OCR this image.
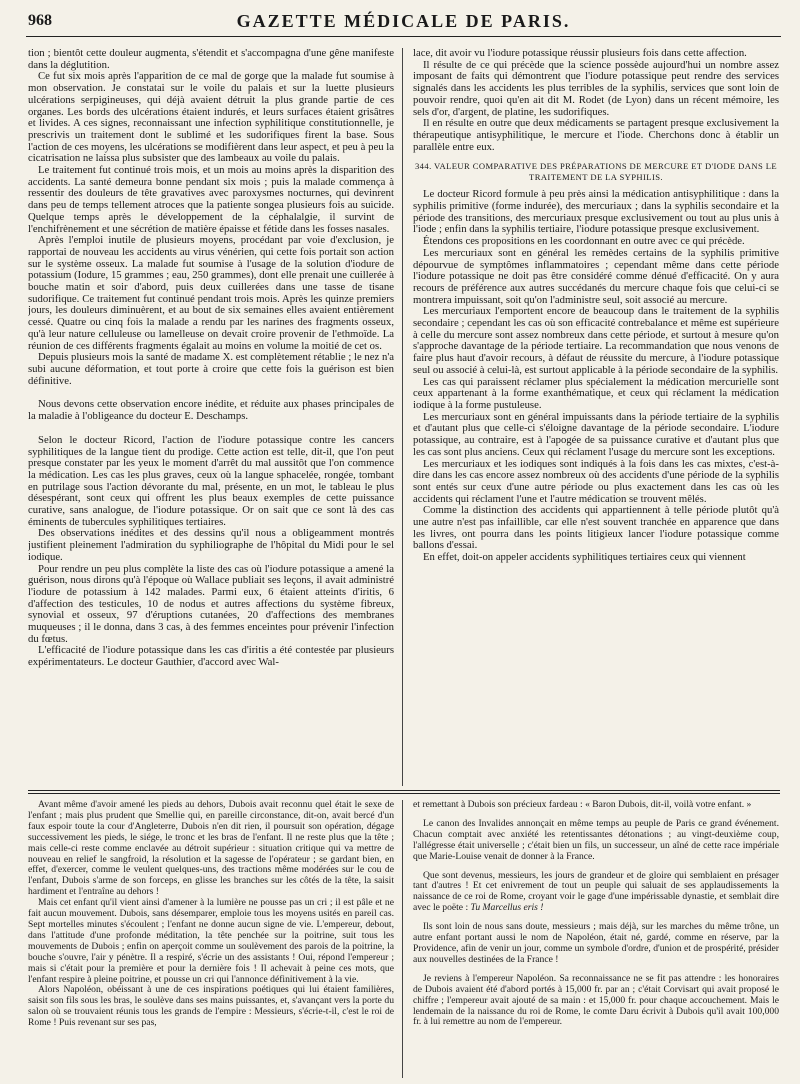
968	GAZETTE MÉDICALE DE PARIS.

tion ; bientôt cette douleur augmenta, s'étendit et s'accompagna d'une gêne manifeste dans la déglutition.

Ce fut six mois après l'apparition de ce mal de gorge que la malade fut soumise à mon observation. Je constatai sur le voile du palais et sur la luette plusieurs ulcérations serpigineuses, qui déjà avaient détruit la plus grande partie de ces organes. Les bords des ulcérations étaient indurés, et leurs surfaces étaient grisâtres et livides. A ces signes, reconnaissant une infection syphilitique constitutionnelle, je prescrivis un traitement dont le sublimé et les sudorifiques firent la base. Sous l'action de ces moyens, les ulcérations se modifièrent dans leur aspect, et peu à peu la cicatrisation ne laissa plus subsister que des lambeaux au voile du palais.

Le traitement fut continué trois mois, et un mois au moins après la disparition des accidents. La santé demeura bonne pendant six mois ; puis la malade commença à ressentir des douleurs de tête gravatives avec paroxysmes nocturnes, qui devinrent dans peu de temps tellement atroces que la patiente songea plusieurs fois au suicide. Quelque temps après le développement de la céphalalgie, il survint de l'enchifrènement et une sécrétion de matière épaisse et fétide dans les fosses nasales.

Après l'emploi inutile de plusieurs moyens, procédant par voie d'exclusion, je rapportai de nouveau les accidents au virus vénérien, qui cette fois portait son action sur le système osseux. La malade fut soumise à l'usage de la solution d'iodure de potassium (Iodure, 15 grammes ; eau, 250 grammes), dont elle prenait une cuillerée à bouche matin et soir d'abord, puis deux cuillerées dans une tasse de tisane sudorifique. Ce traitement fut continué pendant trois mois. Après les quinze premiers jours, les douleurs diminuèrent, et au bout de six semaines elles avaient entièrement cessé. Quatre ou cinq fois la malade a rendu par les narines des fragments osseux, qu'à leur nature celluleuse ou lamelleuse on devait croire provenir de l'ethmoïde. La réunion de ces différents fragments égalait au moins en volume la moitié de cet os.

Depuis plusieurs mois la santé de madame X. est complètement rétablie ; le nez n'a subi aucune déformation, et tout porte à croire que cette fois la guérison est bien définitive.

Nous devons cette observation encore inédite, et réduite aux phases principales de la maladie à l'obligeance du docteur E. Deschamps.

Selon le docteur Ricord, l'action de l'iodure potassique contre les cancers syphilitiques de la langue tient du prodige. Cette action est telle, dit-il, que l'on peut presque constater par les yeux le moment d'arrêt du mal aussitôt que l'on commence la médication. Les cas les plus graves, ceux où la langue sphacelée, rongée, tombant en putrilage sous l'action dévorante du mal, présente, en un mot, le tableau le plus désespérant, sont ceux qui offrent les plus beaux exemples de cette puissance curative, sans analogue, de l'iodure potassique. Or on sait que ce sont là des cas éminents de tubercules syphilitiques tertiaires.

Des observations inédites et des dessins qu'il nous a obligeamment montrés justifient pleinement l'admiration du syphiliographe de l'hôpital du Midi pour le sel iodique.

Pour rendre un peu plus complète la liste des cas où l'iodure potassique a amené la guérison, nous dirons qu'à l'époque où Wallace publiait ses leçons, il avait administré l'iodure de potassium à 142 malades. Parmi eux, 6 étaient atteints d'iritis, 6 d'affection des testicules, 10 de nodus et autres affections du système fibreux, synovial et osseux, 97 d'éruptions cutanées, 20 d'affections des membranes muqueuses ; il le donna, dans 3 cas, à des femmes enceintes pour prévenir l'infection du fœtus.

L'efficacité de l'iodure potassique dans les cas d'iritis a été contestée par plusieurs expérimentateurs. Le docteur Gauthier, d'accord avec Wal-

lace, dit avoir vu l'iodure potassique réussir plusieurs fois dans cette affection.

Il résulte de ce qui précède que la science possède aujourd'hui un nombre assez imposant de faits qui démontrent que l'iodure potassique peut rendre des services signalés dans les accidents les plus terribles de la syphilis, services que sont loin de pouvoir rendre, quoi qu'en ait dit M. Rodet (de Lyon) dans un récent mémoire, les sels d'or, d'argent, de platine, les sudorifiques.

Il en résulte en outre que deux médicaments se partagent presque exclusivement la thérapeutique antisyphilitique, le mercure et l'iode. Cherchons donc à établir un parallèle entre eux.

344. VALEUR COMPARATIVE DES PRÉPARATIONS DE MERCURE ET D'IODE DANS LE TRAITEMENT DE LA SYPHILIS.

Le docteur Ricord formule à peu près ainsi la médication antisyphilitique : dans la syphilis primitive (forme indurée), des mercuriaux ; dans la syphilis secondaire et la période des transitions, des mercuriaux presque exclusivement ou tout au plus unis à l'iode ; enfin dans la syphilis tertiaire, l'iodure potassique presque exclusivement.

Étendons ces propositions en les coordonnant en outre avec ce qui précède.

Les mercuriaux sont en général les remèdes certains de la syphilis primitive dépourvue de symptômes inflammatoires ; cependant même dans cette période l'iodure potassique ne doit pas être considéré comme dénué d'efficacité. On y aura recours de préférence aux autres succédanés du mercure chaque fois que celui-ci se montrera impuissant, soit qu'on l'administre seul, soit associé au mercure.

Les mercuriaux l'emportent encore de beaucoup dans le traitement de la syphilis secondaire ; cependant les cas où son efficacité contrebalance et même est supérieure à celle du mercure sont assez nombreux dans cette période, et surtout à mesure qu'on s'approche davantage de la période tertiaire. La recommandation que nous venons de faire plus haut d'avoir recours, à défaut de réussite du mercure, à l'iodure potassique seul ou associé à celui-là, est surtout applicable à la période secondaire de la syphilis.

Les cas qui paraissent réclamer plus spécialement la médication mercurielle sont ceux appartenant à la forme exanthématique, et ceux qui réclament la médication iodique à la forme pustuleuse.

Les mercuriaux sont en général impuissants dans la période tertiaire de la syphilis et d'autant plus que celle-ci s'éloigne davantage de la période secondaire. L'iodure potassique, au contraire, est à l'apogée de sa puissance curative et d'autant plus que les cas sont plus anciens. Ceux qui réclament l'usage du mercure sont les exceptions.

Les mercuriaux et les iodiques sont indiqués à la fois dans les cas mixtes, c'est-à-dire dans les cas encore assez nombreux où des accidents d'une période de la syphilis sont entés sur ceux d'une autre période ou plus exactement dans les cas où les accidents qui réclament l'une et l'autre médication se trouvent mêlés.

Comme la distinction des accidents qui appartiennent à telle période plutôt qu'à une autre n'est pas infaillible, car elle n'est souvent tranchée en apparence que dans les livres, ont pourra dans les points litigieux lancer l'iodure potassique comme ballons d'essai.

En effet, doit-on appeler accidents syphilitiques tertiaires ceux qui viennent

Avant même d'avoir amené les pieds au dehors, Dubois avait reconnu quel était le sexe de l'enfant ; mais plus prudent que Smellie qui, en pareille circonstance, dit-on, avait bercé d'un faux espoir toute la cour d'Angleterre, Dubois n'en dit rien, il poursuit son opération, dégage successivement les pieds, le siége, le tronc et les bras de l'enfant. Il ne reste plus que la tête ; mais celle-ci reste comme enclavée au détroit supérieur : situation critique qui va mettre de nouveau en relief le sangfroid, la résolution et la sagesse de l'opérateur ; se gardant bien, en effet, d'exercer, comme le veulent quelques-uns, des tractions même modérées sur le cou de l'enfant, Dubois s'arme de son forceps, en glisse les branches sur les côtés de la tête, la saisit hardiment et l'entraîne au dehors !

Mais cet enfant qu'il vient ainsi d'amener à la lumière ne pousse pas un cri ; il est pâle et ne fait aucun mouvement. Dubois, sans désemparer, emploie tous les moyens usités en pareil cas. Sept mortelles minutes s'écoulent ; l'enfant ne donne aucun signe de vie. L'empereur, debout, dans l'attitude d'une profonde méditation, la tête penchée sur la poitrine, suit tous les mouvements de Dubois ; enfin on aperçoit comme un soulèvement des parois de la poitrine, la bouche s'ouvre, l'air y pénètre. Il a respiré, s'écrie un des assistants ! Oui, répond l'empereur ; mais si c'était pour la première et pour la dernière fois ! Il achevait à peine ces mots, que l'enfant respire à pleine poitrine, et pousse un cri qui l'annonce définitivement à la vie.

Alors Napoléon, obéissant à une de ces inspirations poétiques qui lui étaient familières, saisit son fils sous les bras, le soulève dans ses mains puissantes, et, s'avançant vers la porte du salon où se trouvaient réunis tous les grands de l'empire : Messieurs, s'écrie-t-il, c'est le roi de Rome ! Puis revenant sur ses pas,

et remettant à Dubois son précieux fardeau : « Baron Dubois, dit-il, voilà votre enfant. »

Le canon des Invalides annonçait en même temps au peuple de Paris ce grand événement. Chacun comptait avec anxiété les retentissantes détonations ; au vingt-deuxième coup, l'allégresse était universelle ; c'était bien un fils, un successeur, un aîné de cette race impériale que Marie-Louise venait de donner à la France.

Que sont devenus, messieurs, les jours de grandeur et de gloire qui semblaient en présager tant d'autres ! Et cet enivrement de tout un peuple qui saluait de ses applaudissements la naissance de ce roi de Rome, croyant voir le gage d'une impérissable dynastie, et semblait dire avec le poëte : Tu Marcellus eris !

Ils sont loin de nous sans doute, messieurs ; mais déjà, sur les marches du même trône, un autre enfant portant aussi le nom de Napoléon, était né, gardé, comme en réserve, par la Providence, afin de venir un jour, comme un symbole d'ordre, d'union et de prospérité, présider aux nouvelles destinées de la France !

Je reviens à l'empereur Napoléon. Sa reconnaissance ne se fit pas attendre : les honoraires de Dubois avaient été d'abord portés à 15,000 fr. par an ; c'était Corvisart qui avait proposé le chiffre ; l'empereur avait ajouté de sa main : et 15,000 fr. pour chaque accouchement. Mais le lendemain de la naissance du roi de Rome, le comte Daru écrivit à Dubois qu'il avait 100,000 fr. à lui remettre au nom de l'empereur.
